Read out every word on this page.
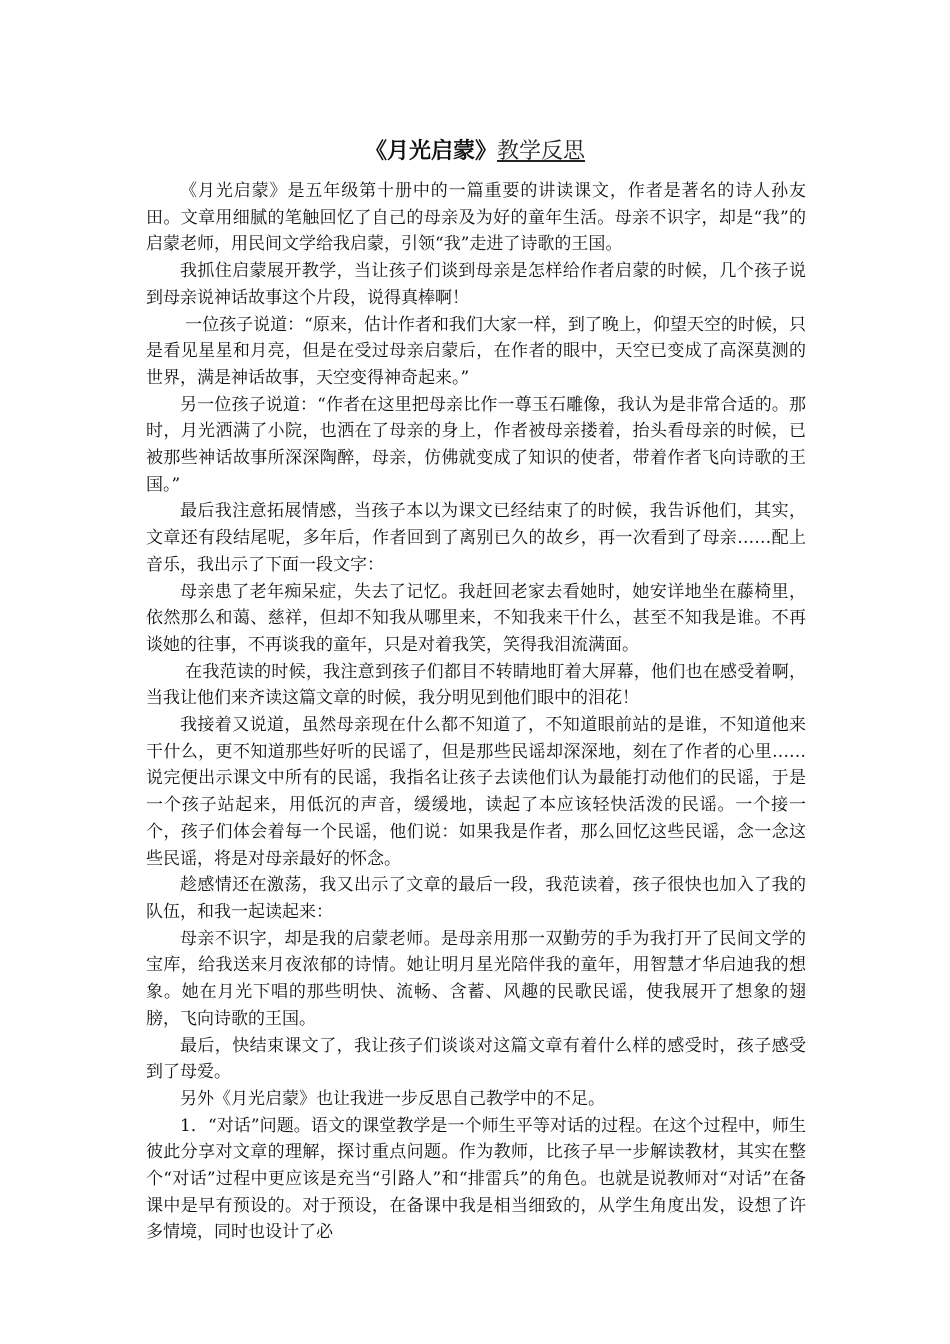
《月光启蒙》教学反思

《月光启蒙》是五年级第十册中的一篇重要的讲读课文，作者是著名的诗人孙友田。文章用细腻的笔触回忆了自己的母亲及为好的童年生活。母亲不识字，却是“我”的启蒙老师，用民间文学给我启蒙，引领“我”走进了诗歌的王国。

我抓住启蒙展开教学，当让孩子们谈到母亲是怎样给作者启蒙的时候，几个孩子说到母亲说神话故事这个片段，说得真棒啊！

一位孩子说道：“原来，估计作者和我们大家一样，到了晚上，仰望天空的时候，只是看见星星和月亮，但是在受过母亲启蒙后，在作者的眼中，天空已变成了高深莫测的世界，满是神话故事，天空变得神奇起来。”

另一位孩子说道：“作者在这里把母亲比作一尊玉石雕像，我认为是非常合适的。那时，月光洒满了小院，也洒在了母亲的身上，作者被母亲搂着，抬头看母亲的时候，已被那些神话故事所深深陶醉，母亲，仿佛就变成了知识的使者，带着作者飞向诗歌的王国。”

最后我注意拓展情感，当孩子本以为课文已经结束了的时候，我告诉他们，其实，文章还有段结尾呢，多年后，作者回到了离别已久的故乡，再一次看到了母亲……配上音乐，我出示了下面一段文字：

母亲患了老年痴呆症，失去了记忆。我赶回老家去看她时，她安详地坐在藤椅里，依然那么和蔼、慈祥，但却不知我从哪里来，不知我来干什么，甚至不知我是谁。不再谈她的往事，不再谈我的童年，只是对着我笑，笑得我泪流满面。

在我范读的时候，我注意到孩子们都目不转睛地盯着大屏幕，他们也在感受着啊，当我让他们来齐读这篇文章的时候，我分明见到他们眼中的泪花！

我接着又说道，虽然母亲现在什么都不知道了，不知道眼前站的是谁，不知道他来干什么，更不知道那些好听的民谣了，但是那些民谣却深深地，刻在了作者的心里……说完便出示课文中所有的民谣，我指名让孩子去读他们认为最能打动他们的民谣，于是一个孩子站起来，用低沉的声音，缓缓地，读起了本应该轻快活泼的民谣。一个接一个，孩子们体会着每一个民谣，他们说：如果我是作者，那么回忆这些民谣，念一念这些民谣，将是对母亲最好的怀念。

趁感情还在激荡，我又出示了文章的最后一段，我范读着，孩子很快也加入了我的队伍，和我一起读起来：

母亲不识字，却是我的启蒙老师。是母亲用那一双勤劳的手为我打开了民间文学的宝库，给我送来月夜浓郁的诗情。她让明月星光陪伴我的童年，用智慧才华启迪我的想象。她在月光下唱的那些明快、流畅、含蓄、风趣的民歌民谣，使我展开了想象的翅膀，飞向诗歌的王国。

最后，快结束课文了，我让孩子们谈谈对这篇文章有着什么样的感受时，孩子感受到了母爱。

另外《月光启蒙》也让我进一步反思自己教学中的不足。

1．“对话”问题。语文的课堂教学是一个师生平等对话的过程。在这个过程中，师生彼此分享对文章的理解，探讨重点问题。作为教师，比孩子早一步解读教材，其实在整个“对话”过程中更应该是充当“引路人”和“排雷兵”的角色。也就是说教师对“对话”在备课中是早有预设的。对于预设，在备课中我是相当细致的，从学生角度出发，设想了许多情境，同时也设计了必
